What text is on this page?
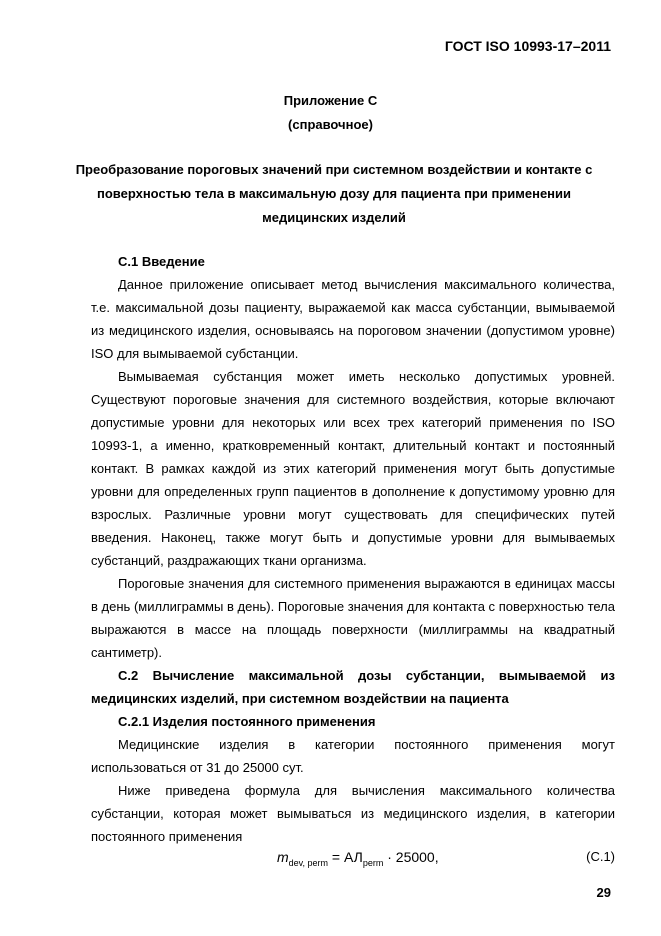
ГОСТ ISO 10993-17–2011
Приложение С
(справочное)
Преобразование пороговых значений при системном воздействии и контакте с поверхностью тела в максимальную дозу для пациента при применении медицинских изделий

С.1 Введение

Данное приложение описывает метод вычисления максимального количества, т.е. максимальной дозы пациенту, выражаемой как масса субстанции, вымываемой из медицинского изделия, основываясь на пороговом значении (допустимом уровне) ISO для вымываемой субстанции.

Вымываемая субстанция может иметь несколько допустимых уровней. Существуют пороговые значения для системного воздействия, которые включают допустимые уровни для некоторых или всех трех категорий применения по ISO 10993-1, а именно, кратковременный контакт, длительный контакт и постоянный контакт. В рамках каждой из этих категорий применения могут быть допустимые уровни для определенных групп пациентов в дополнение к допустимому уровню для взрослых. Различные уровни могут существовать для специфических путей введения. Наконец, также могут быть и допустимые уровни для вымываемых субстанций, раздражающих ткани организма.

Пороговые значения для системного применения выражаются в единицах массы в день (миллиграммы в день). Пороговые значения для контакта с поверхностью тела выражаются в массе на площадь поверхности (миллиграммы на квадратный сантиметр).

С.2 Вычисление максимальной дозы субстанции, вымываемой из медицинских изделий, при системном воздействии на пациента

С.2.1 Изделия постоянного применения

Медицинские изделия в категории постоянного применения могут использоваться от 31 до 25000 сут.

Ниже приведена формула для вычисления максимального количества субстанции, которая может вымываться из медицинского изделия, в категории постоянного применения

$m_{dev, perm} = АЛ_{perm} \cdot 25000$,	(С.1)
29
